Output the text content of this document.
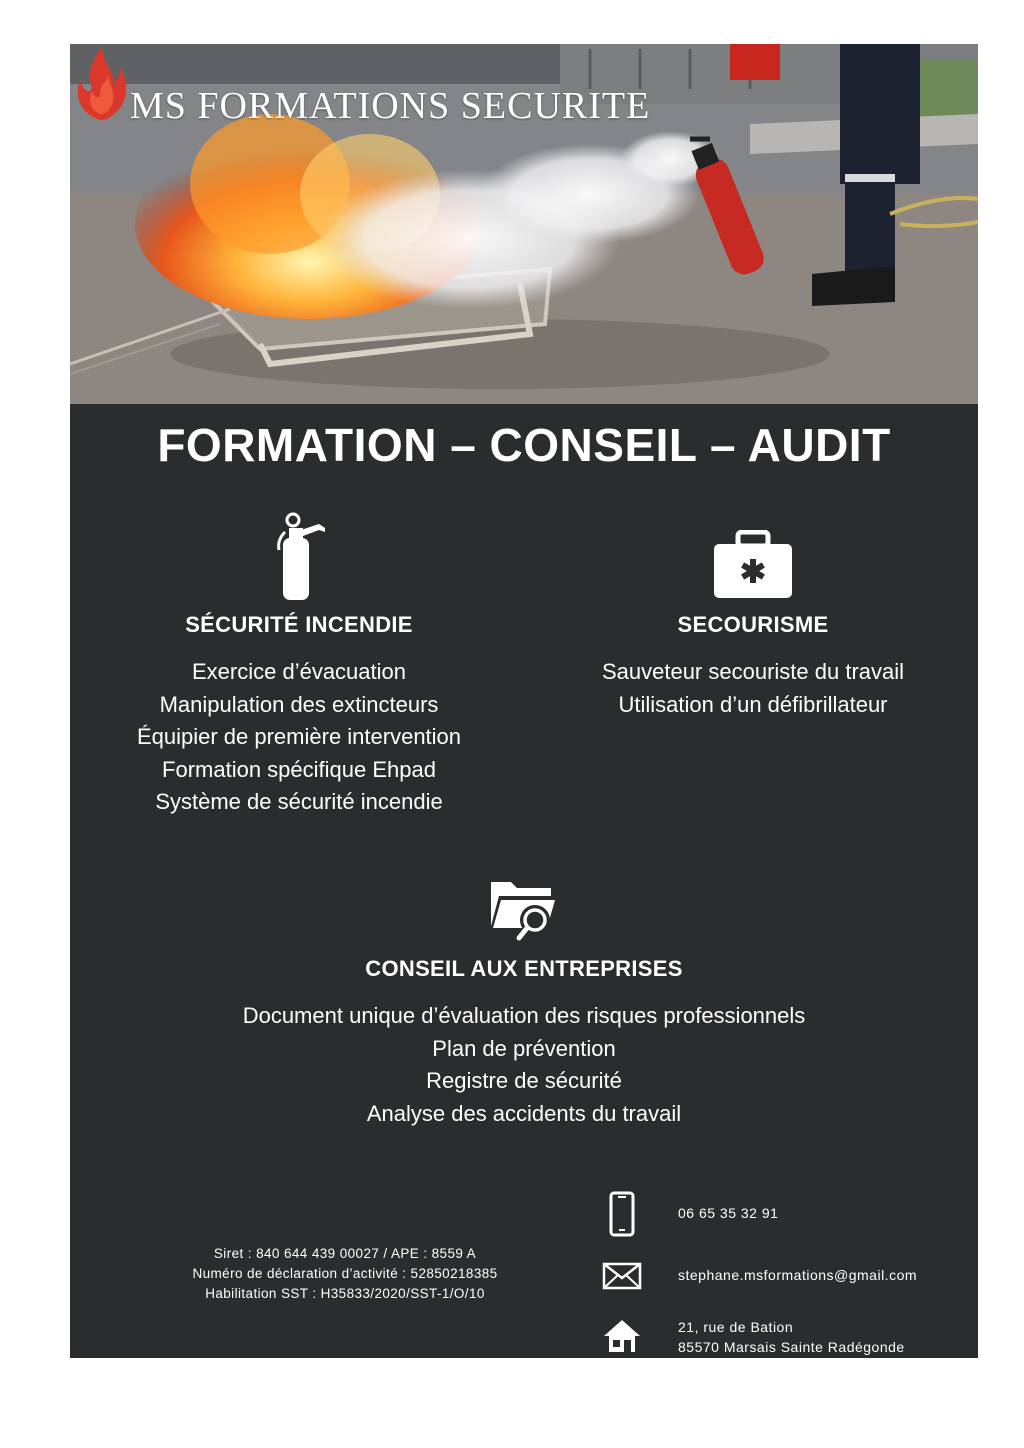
MS FORMATIONS SECURITE
FORMATION – CONSEIL – AUDIT
SÉCURITÉ INCENDIE
Exercice d’évacuation
Manipulation des extincteurs
Équipier de première intervention
Formation spécifique Ehpad
Système de sécurité incendie
SECOURISME
Sauveteur secouriste du travail
Utilisation d’un défibrillateur
CONSEIL AUX ENTREPRISES
Document unique d’évaluation des risques professionnels
Plan de prévention
Registre de sécurité
Analyse des accidents du travail
Siret : 840 644 439 00027 / APE : 8559 A
Numéro de déclaration d’activité : 52850218385
Habilitation SST : H35833/2020/SST-1/O/10
06 65 35 32 91
stephane.msformations@gmail.com
21, rue de Bation
85570 Marsais Sainte Radégonde
